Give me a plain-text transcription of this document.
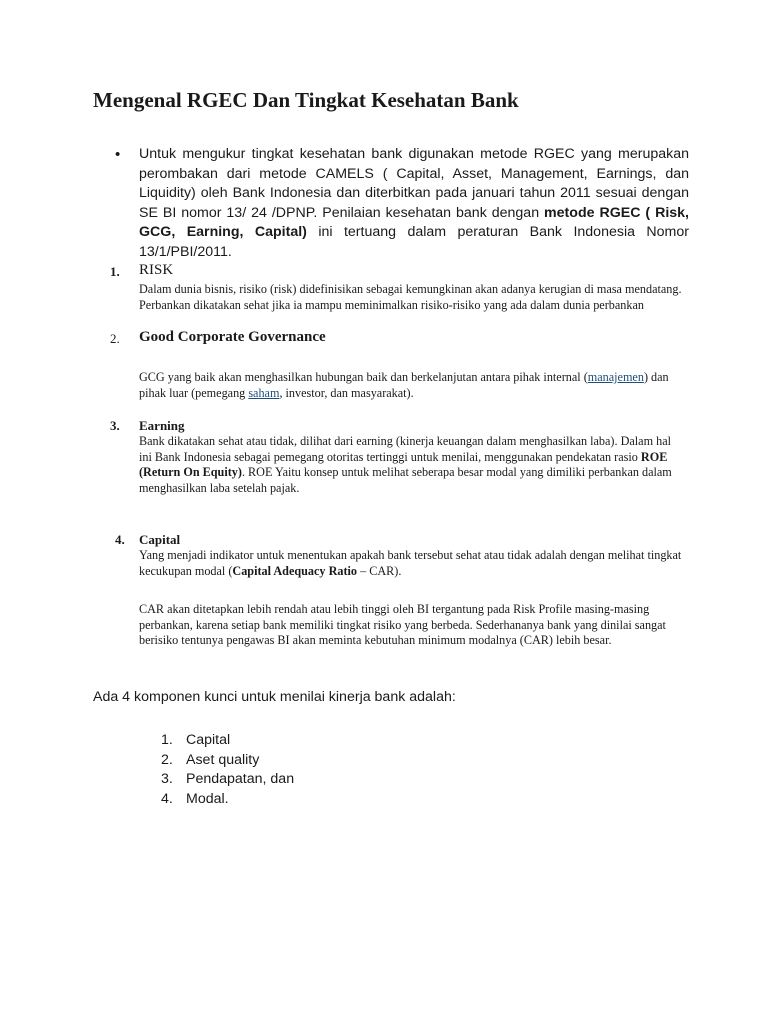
Mengenal RGEC Dan Tingkat Kesehatan Bank
• Untuk mengukur tingkat kesehatan bank digunakan metode RGEC yang merupakan perombakan dari metode CAMELS ( Capital, Asset, Management, Earnings, dan Liquidity) oleh Bank Indonesia dan diterbitkan pada januari tahun 2011 sesuai dengan SE BI nomor 13/ 24 /DPNP. Penilaian kesehatan bank dengan metode RGEC ( Risk, GCG, Earning, Capital) ini tertuang dalam peraturan Bank Indonesia Nomor 13/1/PBI/2011.

1. RISK

Dalam dunia bisnis, risiko (risk) didefinisikan sebagai kemungkinan akan adanya kerugian di masa mendatang. Perbankan dikatakan sehat jika ia mampu meminimalkan risiko-risiko yang ada dalam dunia perbankan

2. Good Corporate Governance

GCG yang baik akan menghasilkan hubungan baik dan berkelanjutan antara pihak internal (manajemen) dan pihak luar (pemegang saham, investor, dan masyarakat).

3. Earning

Bank dikatakan sehat atau tidak, dilihat dari earning (kinerja keuangan dalam menghasilkan laba). Dalam hal ini Bank Indonesia sebagai pemegang otoritas tertinggi untuk menilai, menggunakan pendekatan rasio ROE (Return On Equity). ROE Yaitu konsep untuk melihat seberapa besar modal yang dimiliki perbankan dalam menghasilkan laba setelah pajak.

4. Capital

Yang menjadi indikator untuk menentukan apakah bank tersebut sehat atau tidak adalah dengan melihat tingkat kecukupan modal (Capital Adequacy Ratio – CAR).

CAR akan ditetapkan lebih rendah atau lebih tinggi oleh BI tergantung pada Risk Profile masing-masing perbankan, karena setiap bank memiliki tingkat risiko yang berbeda. Sederhananya bank yang dinilai sangat berisiko tentunya pengawas BI akan meminta kebutuhan minimum modalnya (CAR) lebih besar.

Ada 4 komponen kunci untuk menilai kinerja bank adalah:

1. Capital
2. Aset quality
3. Pendapatan, dan
4. Modal.
